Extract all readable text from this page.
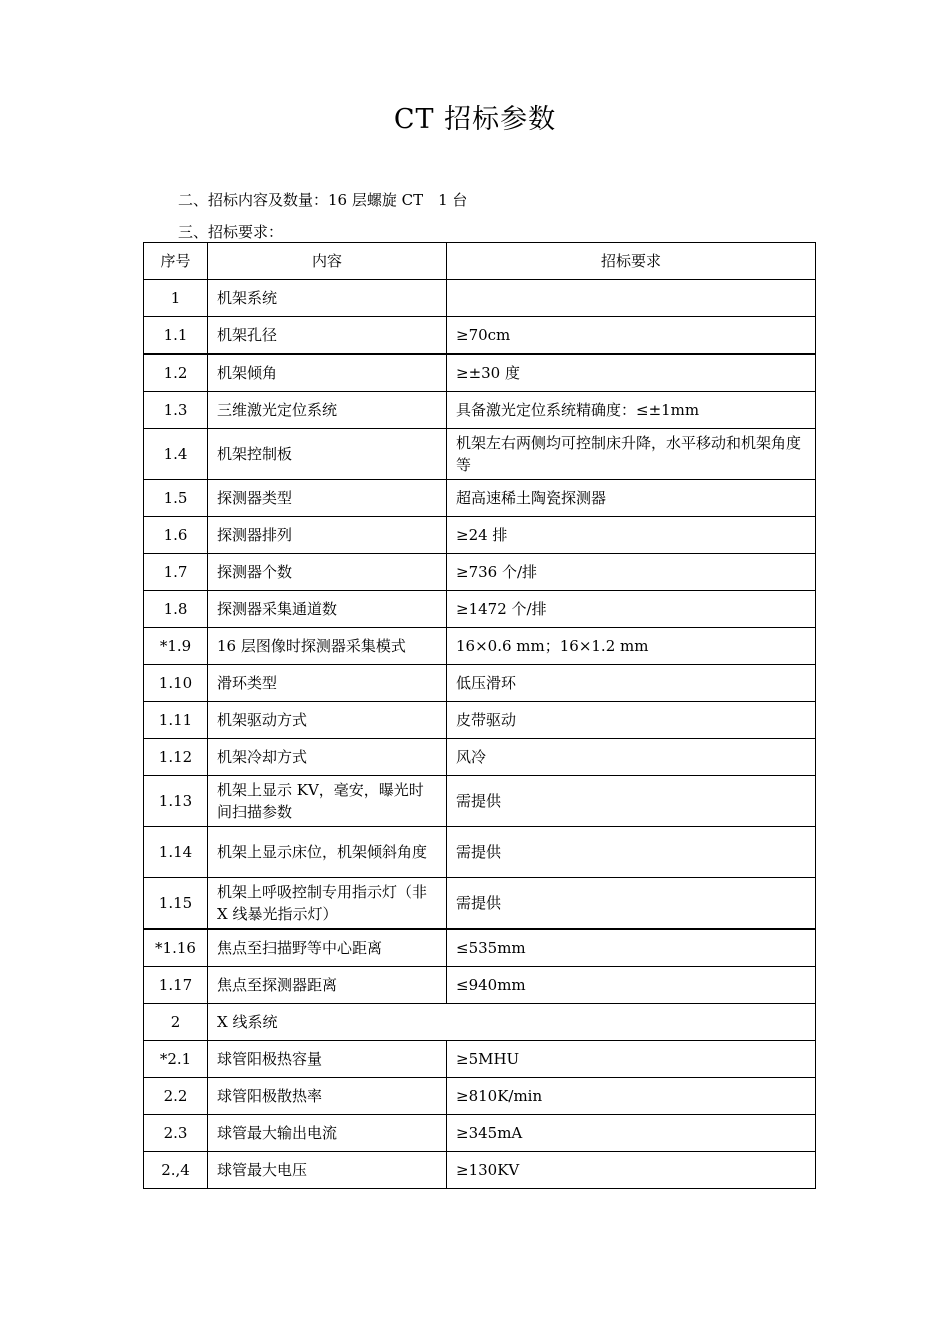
CT 招标参数
二、招标内容及数量：16 层螺旋 CT　1 台
三、招标要求：
序号	内容	招标要求
1	机架系统	
1.1	机架孔径	≥70cm
1.2	机架倾角	≥±30 度
1.3	三维激光定位系统	具备激光定位系统精确度：≤±1mm
1.4	机架控制板	机架左右两侧均可控制床升降，水平移动和机架角度等
1.5	探测器类型	超高速稀土陶瓷探测器
1.6	探测器排列	≥24 排
1.7	探测器个数	≥736 个/排
1.8	探测器采集通道数	≥1472 个/排
*1.9	16 层图像时探测器采集模式	16×0.6 mm；16×1.2 mm
1.10	滑环类型	低压滑环
1.11	机架驱动方式	皮带驱动
1.12	机架冷却方式	风冷
1.13	机架上显示 KV，毫安，曝光时间扫描参数	需提供
1.14	机架上显示床位，机架倾斜角度	需提供
1.15	机架上呼吸控制专用指示灯（非 X 线暴光指示灯）	需提供
*1.16	焦点至扫描野等中心距离	≤535mm
1.17	焦点至探测器距离	≤940mm
2	X 线系统	
*2.1	球管阳极热容量	≥5MHU
2.2	球管阳极散热率	≥810K/min
2.3	球管最大输出电流	≥345mA
2.,4	球管最大电压	≥130KV
